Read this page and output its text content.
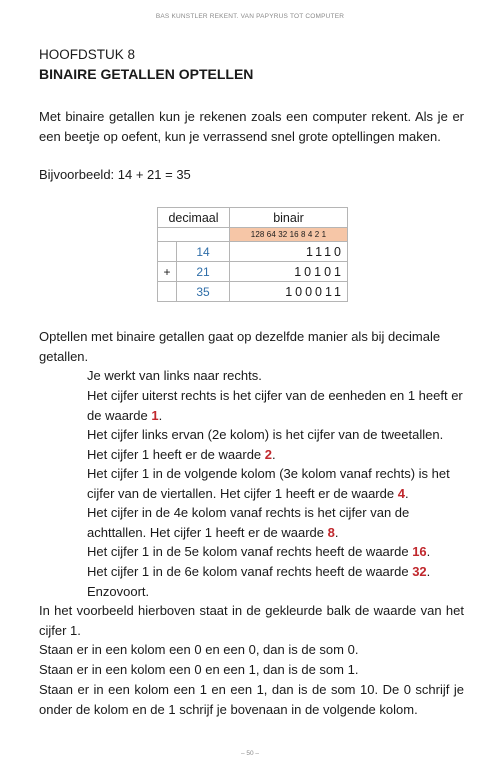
BAS KUNSTLER REKENT. VAN PAPYRUS TOT COMPUTER
HOOFDSTUK 8
BINAIRE GETALLEN OPTELLEN
Met binaire getallen kun je rekenen zoals een computer rekent. Als je er een beetje op oefent, kun je verrassend snel grote optellingen maken.
Bijvoorbeeld: 14 + 21 = 35
decimaal		binair
		128 64 32 16 8 4 2 1
	14	1110
+	21	10101
	35	100011
Optellen met binaire getallen gaat op dezelfde manier als bij decimale getallen.
Je werkt van links naar rechts.
Het cijfer uiterst rechts is het cijfer van de eenheden en 1 heeft er de waarde 1.
Het cijfer links ervan (2e kolom) is het cijfer van de tweetallen. Het cijfer 1 heeft er de waarde 2.
Het cijfer 1 in de volgende kolom (3e kolom vanaf rechts) is het cijfer van de viertallen. Het cijfer 1 heeft er de waarde 4.
Het cijfer in de 4e kolom vanaf rechts is het cijfer van de achttallen. Het cijfer 1 heeft er de waarde 8.
Het cijfer 1 in de 5e kolom vanaf rechts heeft de waarde 16.
Het cijfer 1 in de 6e kolom vanaf rechts heeft de waarde 32.
Enzovoort.
In het voorbeeld hierboven staat in de gekleurde balk de waarde van het cijfer 1.
Staan er in een kolom een 0 en een 0, dan is de som 0.
Staan er in een kolom een 0 en een 1, dan is de som 1.
Staan er in een kolom een 1 en een 1, dan is de som 10. De 0 schrijf je onder de kolom en de 1 schrijf je bovenaan in de volgende kolom.
– 50 –
